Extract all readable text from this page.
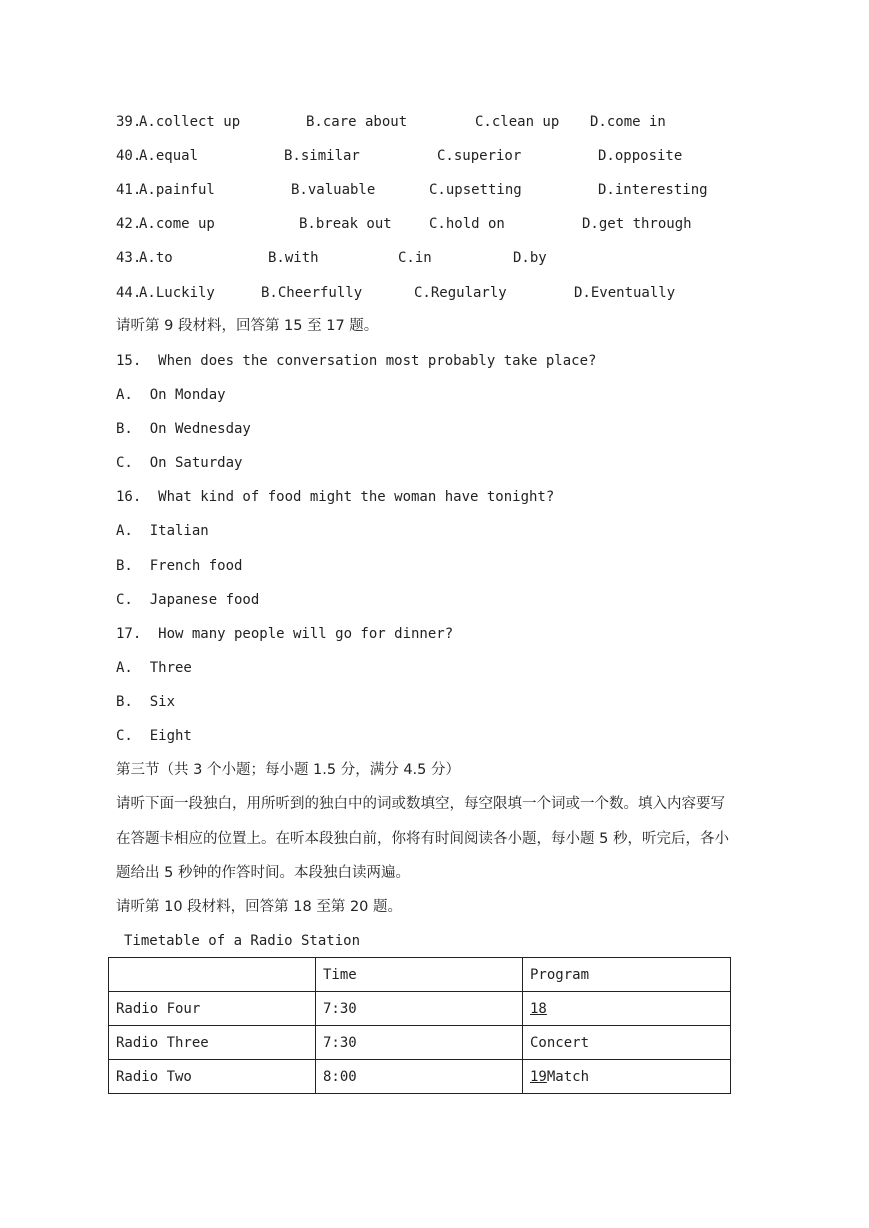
39.
A.collect up	B.care about	C.clean up D.come in
40.
A.equal	B.similar	C.superior	D.opposite
41.
A.painful	B.valuable	C.upsetting	D.interesting
42.
A.come up	B.break out	C.hold on	D.get through
43.
A.to	B.with	C.in	D.by
44.
A.Luckily	B.Cheerfully	C.Regularly	D.Eventually
请听第 9 段材料，回答第 15 至 17 题。
15.  When does the conversation most probably take place?
A.  On Monday
B.  On Wednesday
C.  On Saturday
16.  What kind of food might the woman have tonight?
A.  Italian
B.  French food
C.  Japanese food
17.  How many people will go for dinner?
A.  Three
B.  Six
C.  Eight
第三节（共 3 个小题；每小题 1.5 分，满分 4.5 分）
请听下面一段独白，用所听到的独白中的词或数填空，每空限填一个词或一个数。填入内容要写
在答题卡相应的位置上。在听本段独白前，你将有时间阅读各小题，每小题 5 秒，听完后，各小
题给出 5 秒钟的作答时间。本段独白读两遍。
请听第 10 段材料，回答第 18 至第 20 题。
Timetable of a Radio Station
	Time	Program
Radio Four	7:30	18
Radio Three	7:30	Concert
Radio Two	8:00	19Match
